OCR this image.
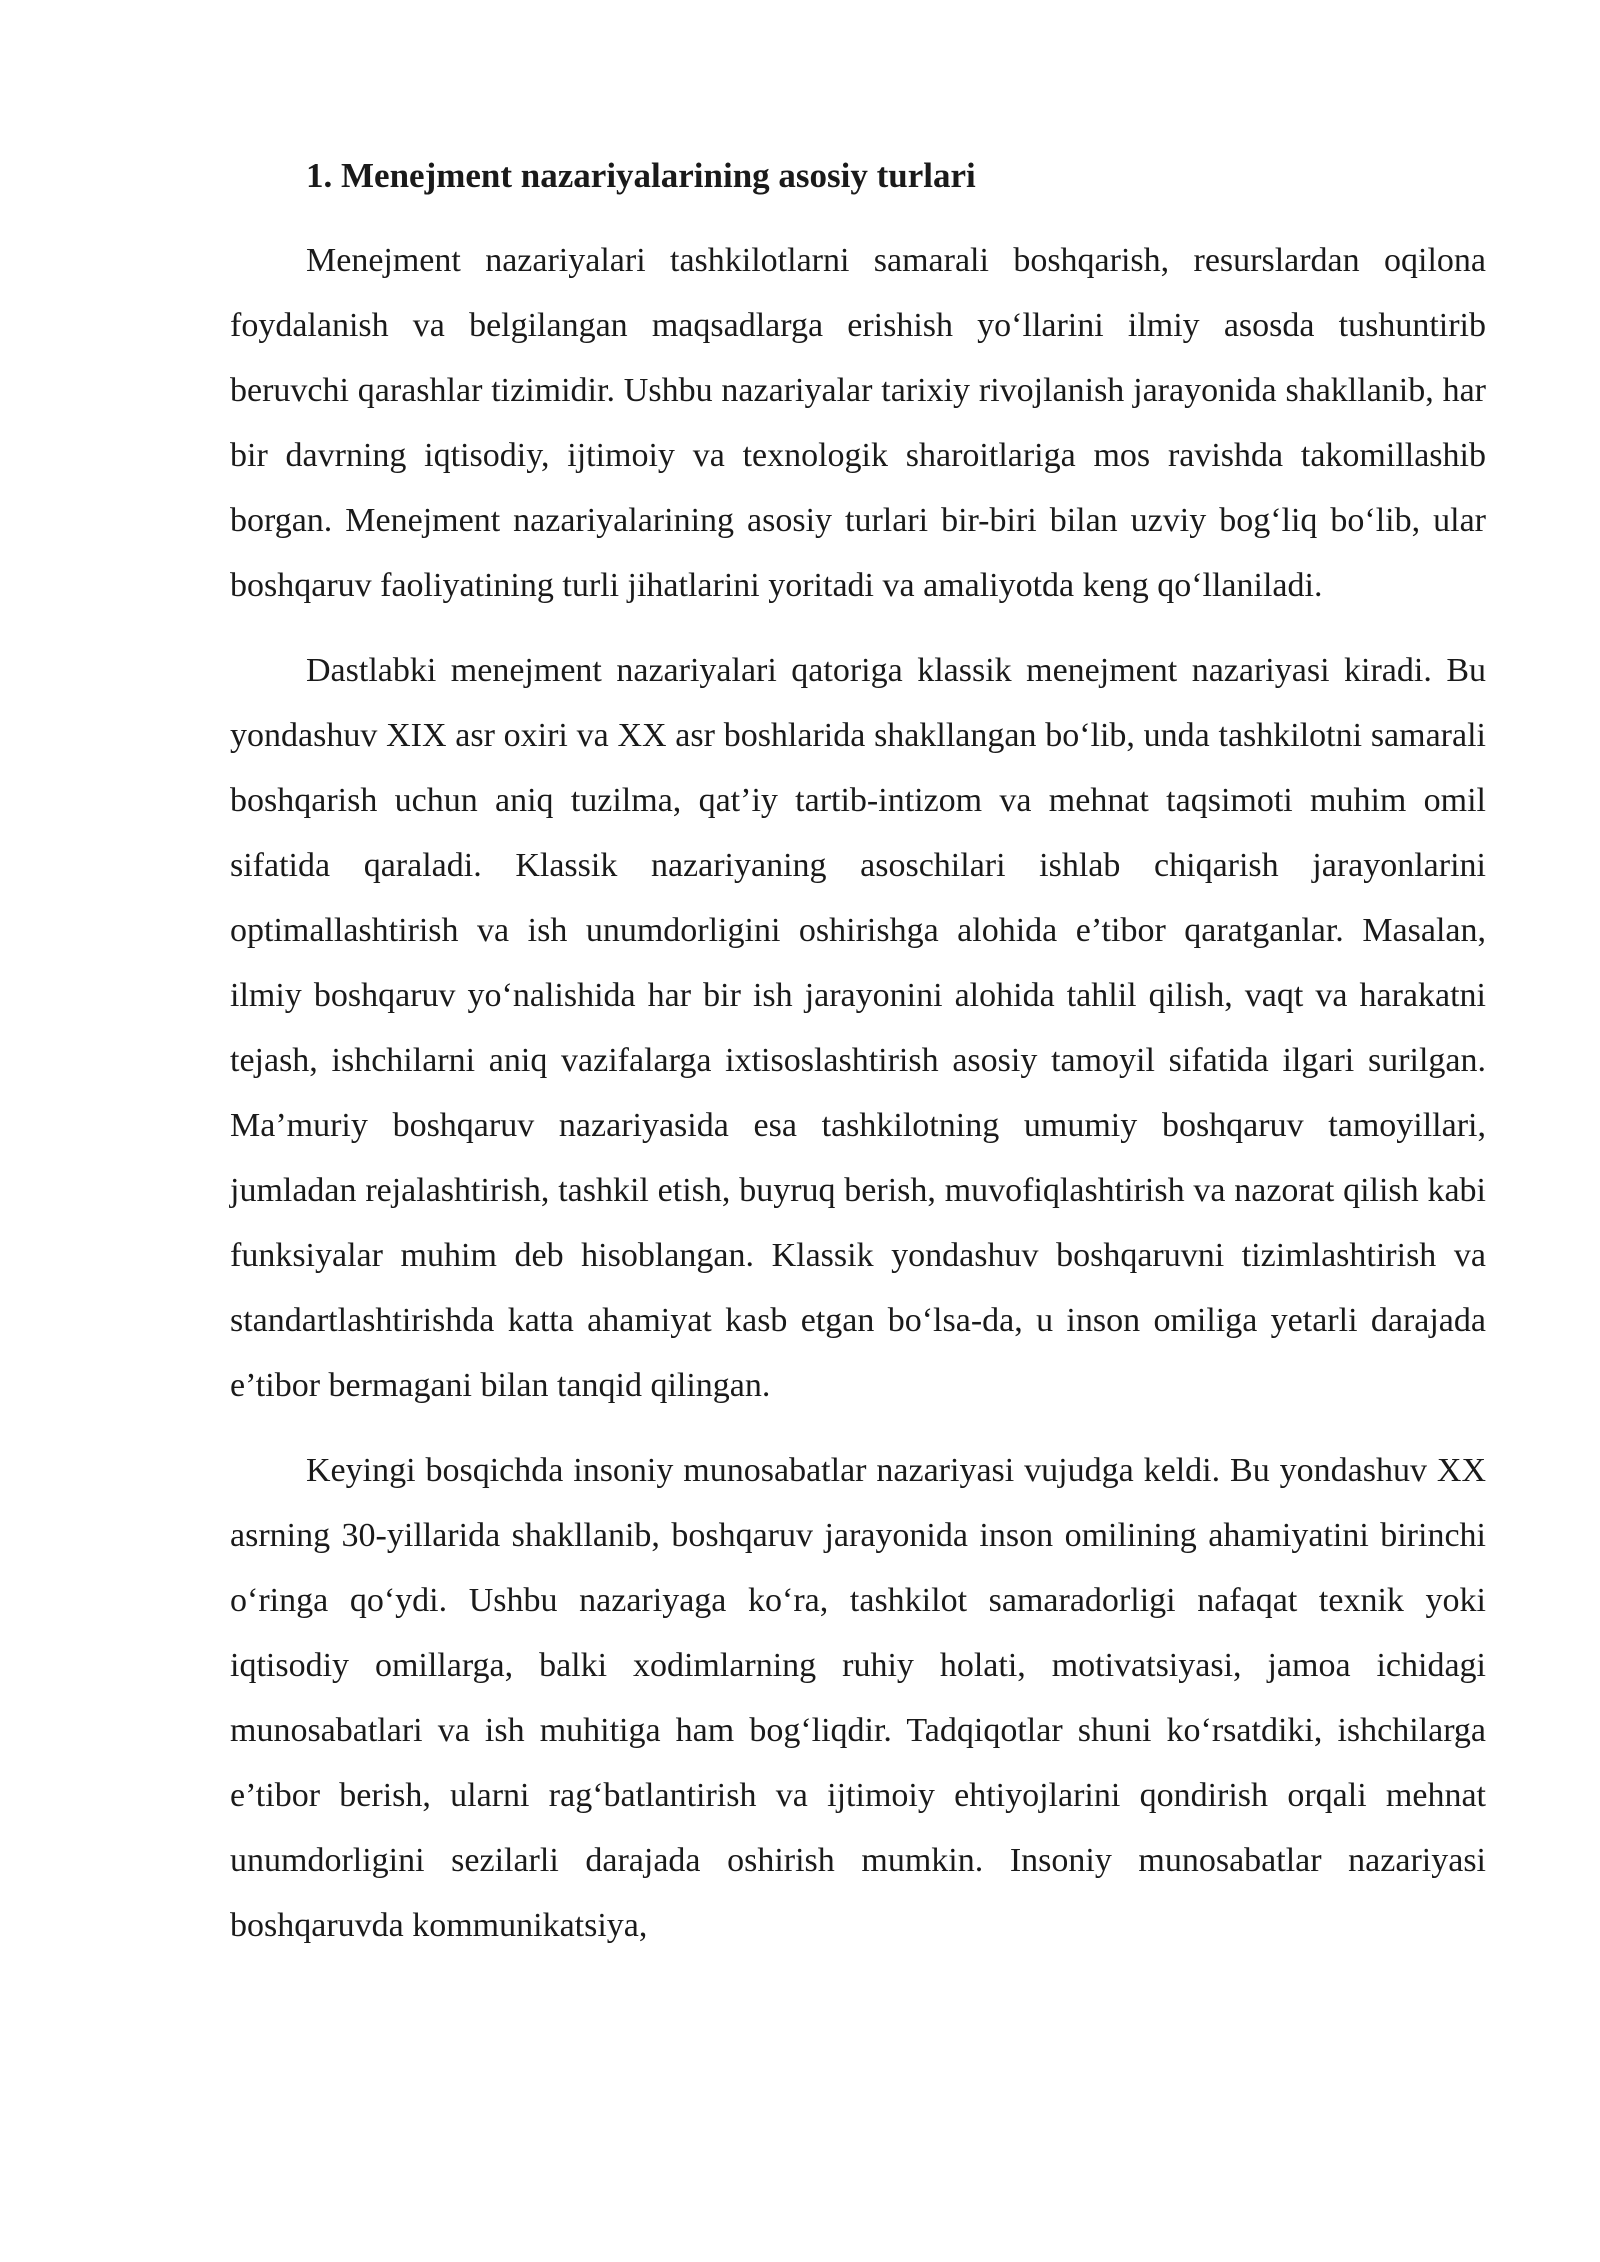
1. Menejment nazariyalarining asosiy turlari

Menejment nazariyalari tashkilotlarni samarali boshqarish, resurslardan oqilona foydalanish va belgilangan maqsadlarga erishish yo‘llarini ilmiy asosda tushuntirib beruvchi qarashlar tizimidir. Ushbu nazariyalar tarixiy rivojlanish jarayonida shakllanib, har bir davrning iqtisodiy, ijtimoiy va texnologik sharoitlariga mos ravishda takomillashib borgan. Menejment nazariyalarining asosiy turlari bir-biri bilan uzviy bog‘liq bo‘lib, ular boshqaruv faoliyatining turli jihatlarini yoritadi va amaliyotda keng qo‘llaniladi.

Dastlabki menejment nazariyalari qatoriga klassik menejment nazariyasi kiradi. Bu yondashuv XIX asr oxiri va XX asr boshlarida shakllangan bo‘lib, unda tashkilotni samarali boshqarish uchun aniq tuzilma, qat’iy tartib-intizom va mehnat taqsimoti muhim omil sifatida qaraladi. Klassik nazariyaning asoschilari ishlab chiqarish jarayonlarini optimallashtirish va ish unumdorligini oshirishga alohida e’tibor qaratganlar. Masalan, ilmiy boshqaruv yo‘nalishida har bir ish jarayonini alohida tahlil qilish, vaqt va harakatni tejash, ishchilarni aniq vazifalarga ixtisoslashtirish asosiy tamoyil sifatida ilgari surilgan. Ma’muriy boshqaruv nazariyasida esa tashkilotning umumiy boshqaruv tamoyillari, jumladan rejalashtirish, tashkil etish, buyruq berish, muvofiqlashtirish va nazorat qilish kabi funksiyalar muhim deb hisoblangan. Klassik yondashuv boshqaruvni tizimlashtirish va standartlashtirishda katta ahamiyat kasb etgan bo‘lsa-da, u inson omiliga yetarli darajada e’tibor bermagani bilan tanqid qilingan.

Keyingi bosqichda insoniy munosabatlar nazariyasi vujudga keldi. Bu yondashuv XX asrning 30-yillarida shakllanib, boshqaruv jarayonida inson omilining ahamiyatini birinchi o‘ringa qo‘ydi. Ushbu nazariyaga ko‘ra, tashkilot samaradorligi nafaqat texnik yoki iqtisodiy omillarga, balki xodimlarning ruhiy holati, motivatsiyasi, jamoa ichidagi munosabatlari va ish muhitiga ham bog‘liqdir. Tadqiqotlar shuni ko‘rsatdiki, ishchilarga e’tibor berish, ularni rag‘batlantirish va ijtimoiy ehtiyojlarini qondirish orqali mehnat unumdorligini sezilarli darajada oshirish mumkin. Insoniy munosabatlar nazariyasi boshqaruvda kommunikatsiya,
